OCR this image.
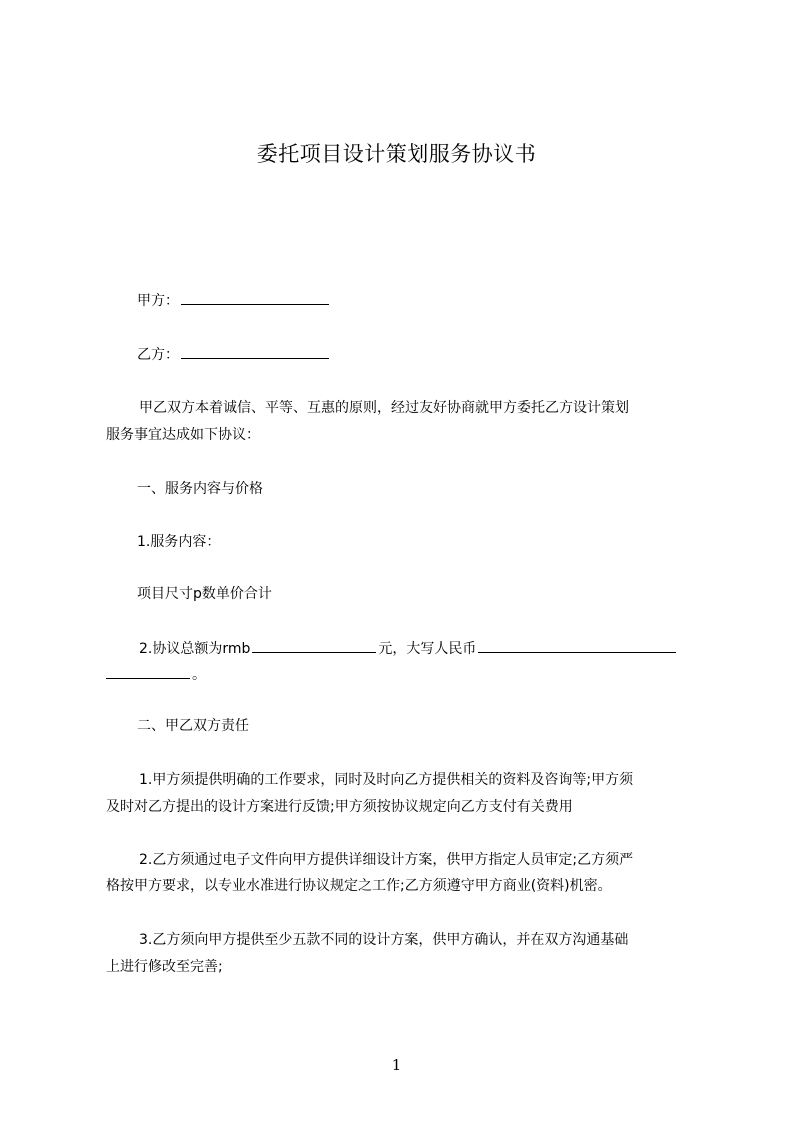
委托项目设计策划服务协议书
甲方：
乙方：
甲乙双方本着诚信、平等、互惠的原则，经过友好协商就甲方委托乙方设计策划
服务事宜达成如下协议：
一、服务内容与价格
1.服务内容：
项目尺寸p数单价合计
2.协议总额为rmb	元，大写人民币
。
二、甲乙双方责任
1.甲方须提供明确的工作要求，同时及时向乙方提供相关的资料及咨询等;甲方须
及时对乙方提出的设计方案进行反馈;甲方须按协议规定向乙方支付有关费用
2.乙方须通过电子文件向甲方提供详细设计方案，供甲方指定人员审定;乙方须严
格按甲方要求，以专业水准进行协议规定之工作;乙方须遵守甲方商业(资料)机密。
3.乙方须向甲方提供至少五款不同的设计方案，供甲方确认，并在双方沟通基础
上进行修改至完善;
1
